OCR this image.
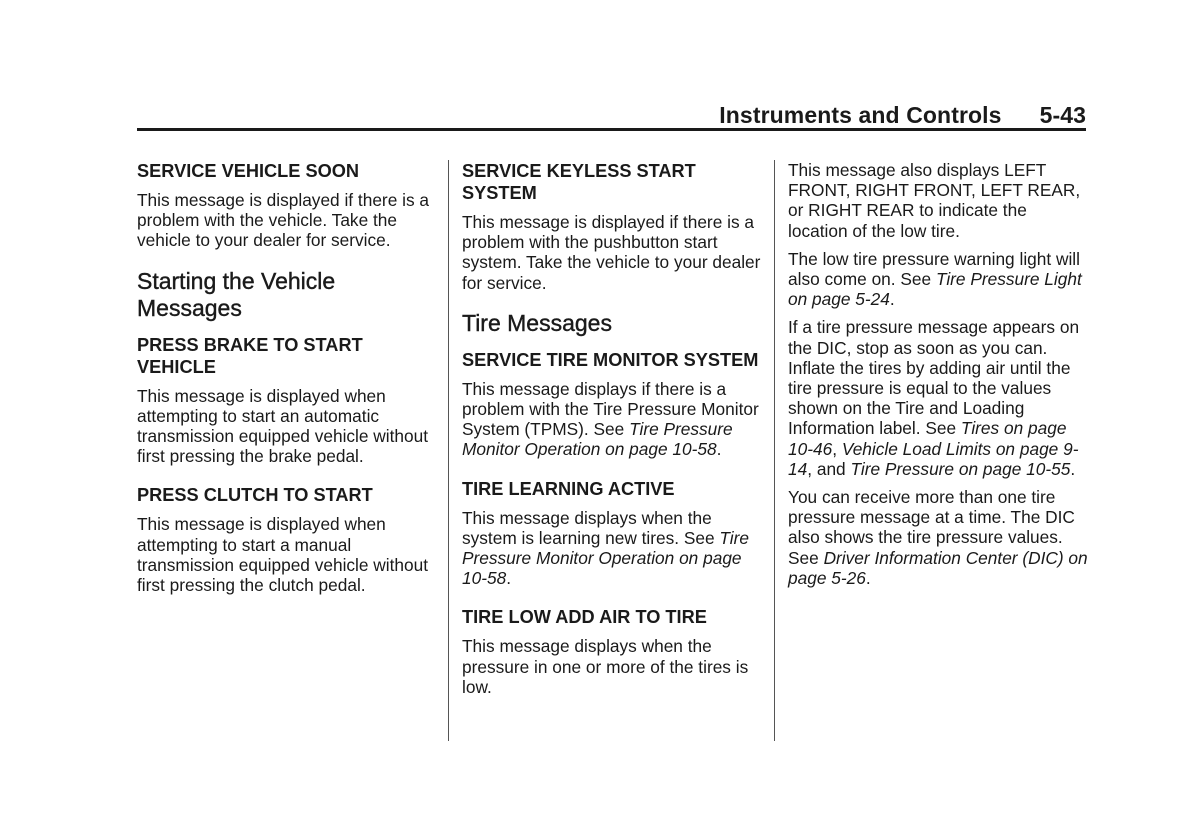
Instruments and Controls 5-43
SERVICE VEHICLE SOON

This message is displayed if there is a problem with the vehicle. Take the vehicle to your dealer for service.

Starting the Vehicle Messages
PRESS BRAKE TO START VEHICLE

This message is displayed when attempting to start an automatic transmission equipped vehicle without first pressing the brake pedal.

PRESS CLUTCH TO START

This message is displayed when attempting to start a manual transmission equipped vehicle without first pressing the clutch pedal.

SERVICE KEYLESS START SYSTEM

This message is displayed if there is a problem with the pushbutton start system. Take the vehicle to your dealer for service.

Tire Messages
SERVICE TIRE MONITOR SYSTEM

This message displays if there is a problem with the Tire Pressure Monitor System (TPMS). See Tire Pressure Monitor Operation on page 10-58.

TIRE LEARNING ACTIVE

This message displays when the system is learning new tires. See Tire Pressure Monitor Operation on page 10-58.

TIRE LOW ADD AIR TO TIRE

This message displays when the pressure in one or more of the tires is low.

This message also displays LEFT FRONT, RIGHT FRONT, LEFT REAR, or RIGHT REAR to indicate the location of the low tire.

The low tire pressure warning light will also come on. See Tire Pressure Light on page 5-24.

If a tire pressure message appears on the DIC, stop as soon as you can. Inflate the tires by adding air until the tire pressure is equal to the values shown on the Tire and Loading Information label. See Tires on page 10-46, Vehicle Load Limits on page 9-14, and Tire Pressure on page 10-55.

You can receive more than one tire pressure message at a time. The DIC also shows the tire pressure values. See Driver Information Center (DIC) on page 5-26.
